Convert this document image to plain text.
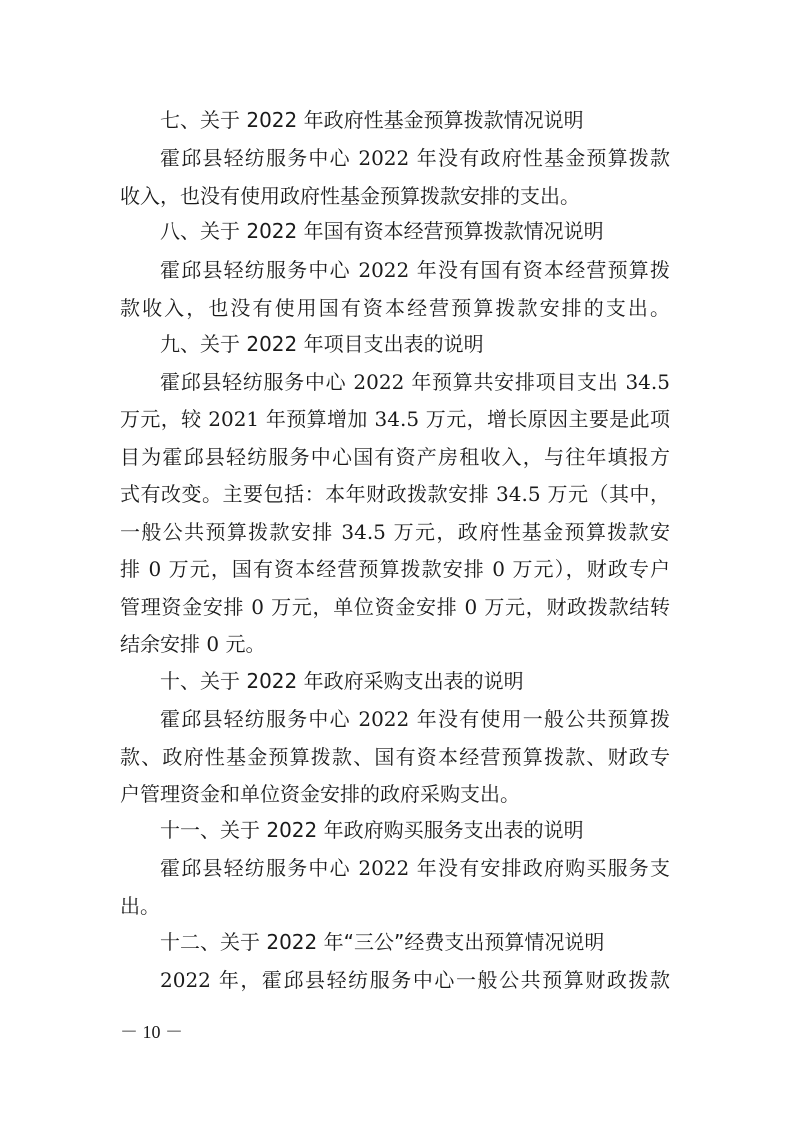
七、关于 2022 年政府性基金预算拨款情况说明
霍邱县轻纺服务中心 2022 年没有政府性基金预算拨款
收入，也没有使用政府性基金预算拨款安排的支出。
八、关于 2022 年国有资本经营预算拨款情况说明
霍邱县轻纺服务中心 2022 年没有国有资本经营预算拨
款收入，也没有使用国有资本经营预算拨款安排的支出。
九、关于 2022 年项目支出表的说明
霍邱县轻纺服务中心 2022 年预算共安排项目支出 34.5
万元，较 2021 年预算增加 34.5 万元，增长原因主要是此项
目为霍邱县轻纺服务中心国有资产房租收入，与往年填报方
式有改变。主要包括：本年财政拨款安排 34.5 万元（其中，
一般公共预算拨款安排 34.5 万元，政府性基金预算拨款安
排 0 万元，国有资本经营预算拨款安排 0 万元），财政专户
管理资金安排 0 万元，单位资金安排 0 万元，财政拨款结转
结余安排 0 元。
十、关于 2022 年政府采购支出表的说明
霍邱县轻纺服务中心 2022 年没有使用一般公共预算拨
款、政府性基金预算拨款、国有资本经营预算拨款、财政专
户管理资金和单位资金安排的政府采购支出。
十一、关于 2022 年政府购买服务支出表的说明
霍邱县轻纺服务中心 2022 年没有安排政府购买服务支
出。
十二、关于 2022 年“三公”经费支出预算情况说明
2022 年，霍邱县轻纺服务中心一般公共预算财政拨款
－ 10 －
